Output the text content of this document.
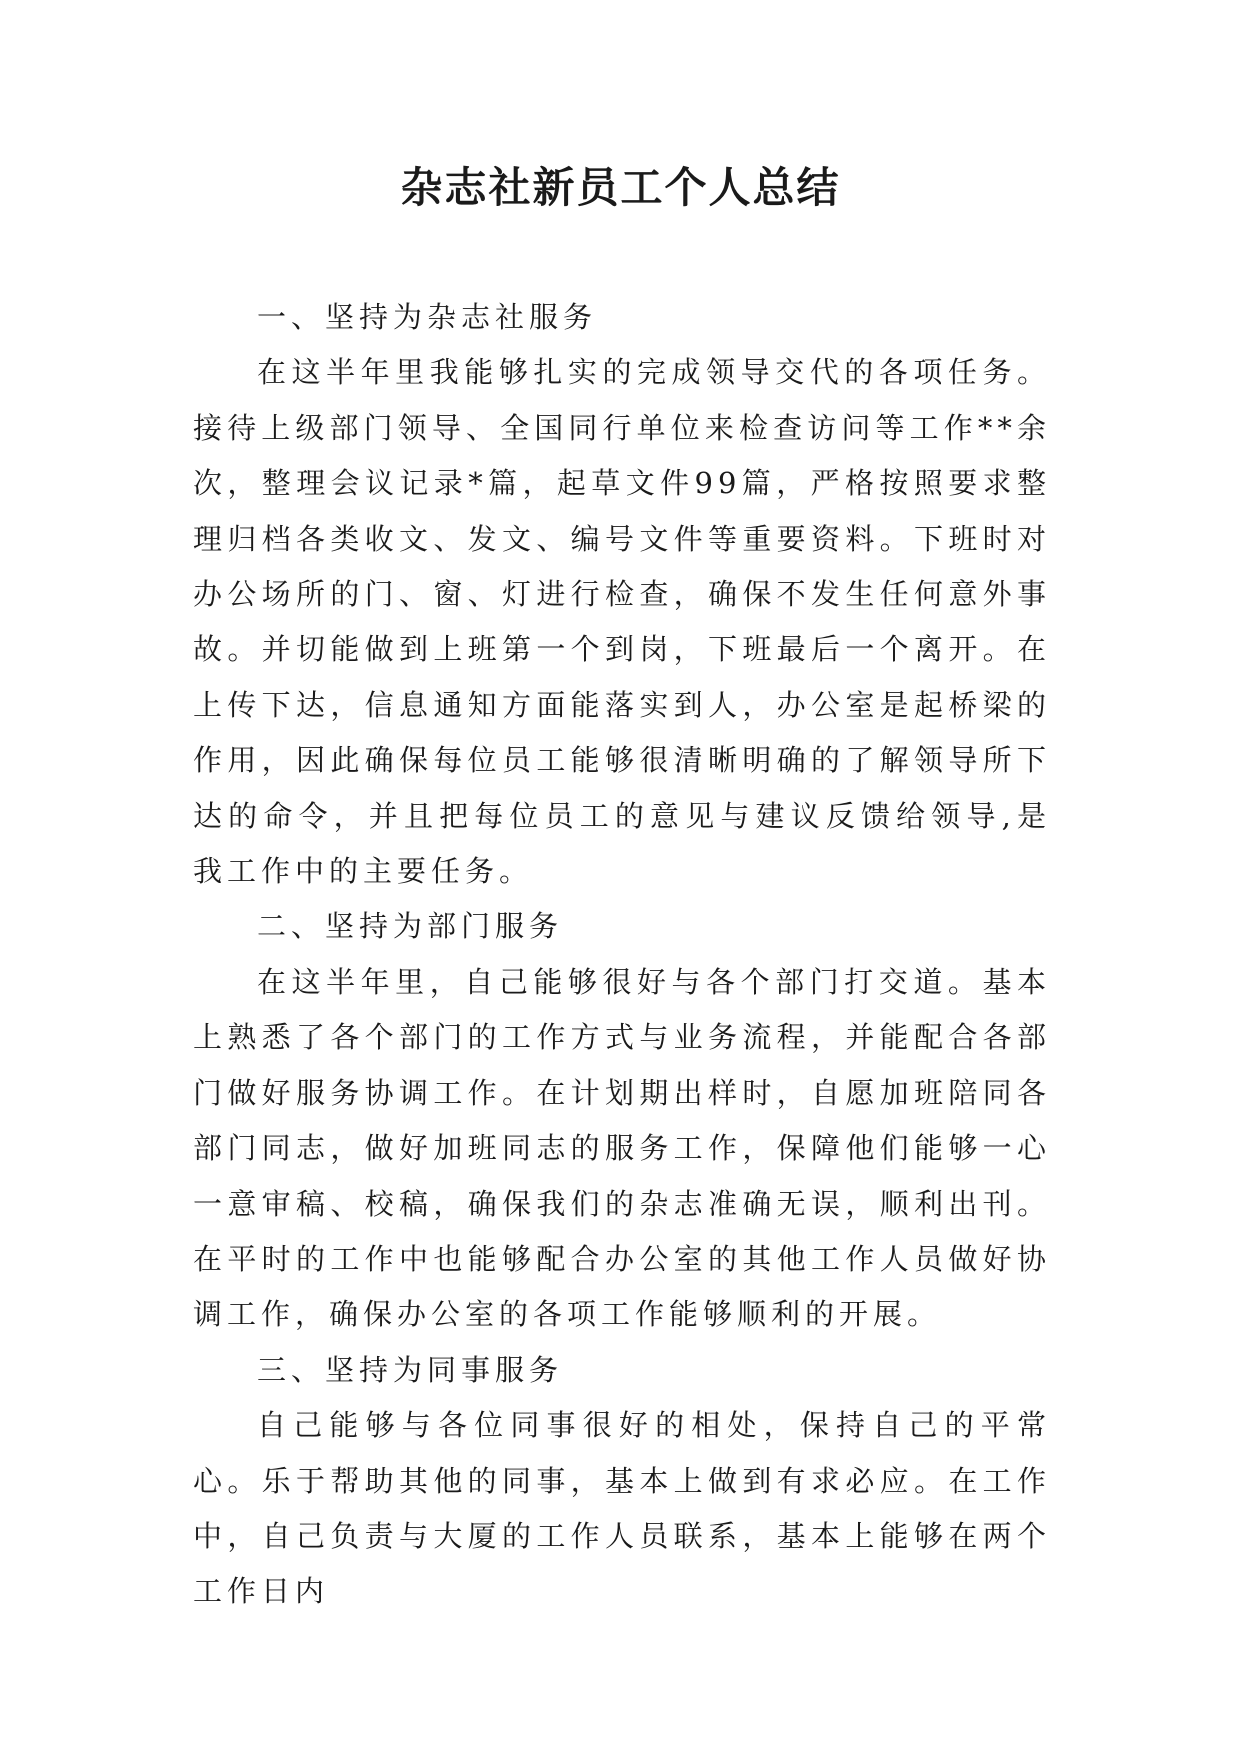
杂志社新员工个人总结
一、坚持为杂志社服务

在这半年里我能够扎实的完成领导交代的各项任务。接待上级部门领导、全国同行单位来检查访问等工作**余次，整理会议记录*篇，起草文件99篇，严格按照要求整理归档各类收文、发文、编号文件等重要资料。下班时对办公场所的门、窗、灯进行检查，确保不发生任何意外事故。并切能做到上班第一个到岗，下班最后一个离开。在上传下达，信息通知方面能落实到人，办公室是起桥梁的作用，因此确保每位员工能够很清晰明确的了解领导所下达的命令，并且把每位员工的意见与建议反馈给领导,是我工作中的主要任务。

二、坚持为部门服务

在这半年里，自己能够很好与各个部门打交道。基本上熟悉了各个部门的工作方式与业务流程，并能配合各部门做好服务协调工作。在计划期出样时，自愿加班陪同各部门同志，做好加班同志的服务工作，保障他们能够一心一意审稿、校稿，确保我们的杂志准确无误，顺利出刊。在平时的工作中也能够配合办公室的其他工作人员做好协调工作，确保办公室的各项工作能够顺利的开展。

三、坚持为同事服务

自己能够与各位同事很好的相处，保持自己的平常心。乐于帮助其他的同事，基本上做到有求必应。在工作中，自己负责与大厦的工作人员联系，基本上能够在两个工作日内
